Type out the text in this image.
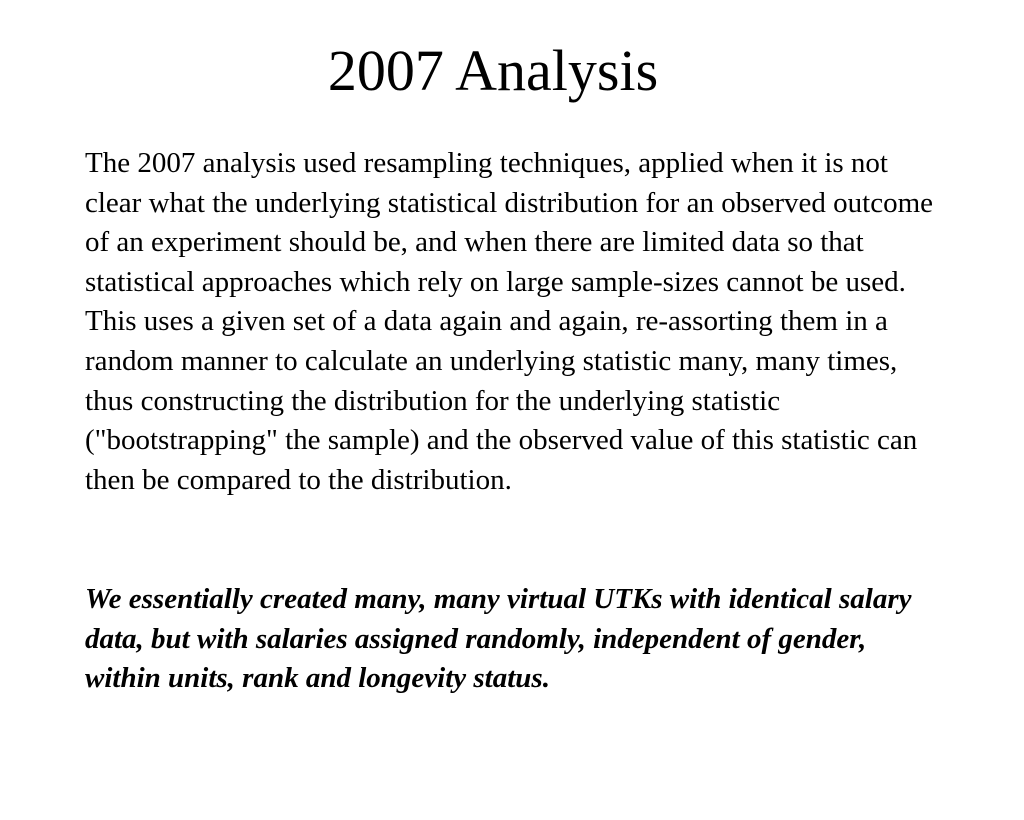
2007 Analysis

The 2007 analysis used resampling techniques, applied when it is not clear what the underlying statistical distribution for an observed outcome of an experiment should be, and when there are limited data so that statistical approaches which rely on large sample-sizes cannot be used. This uses a given set of a data again and again, re-assorting them in a random manner to calculate an underlying statistic many, many times, thus constructing the distribution for the underlying statistic ("bootstrapping" the sample) and the observed value of this statistic can then be compared to the distribution.

We essentially created many, many virtual UTKs with identical salary data, but with salaries assigned randomly, independent of gender, within units, rank and longevity status.
